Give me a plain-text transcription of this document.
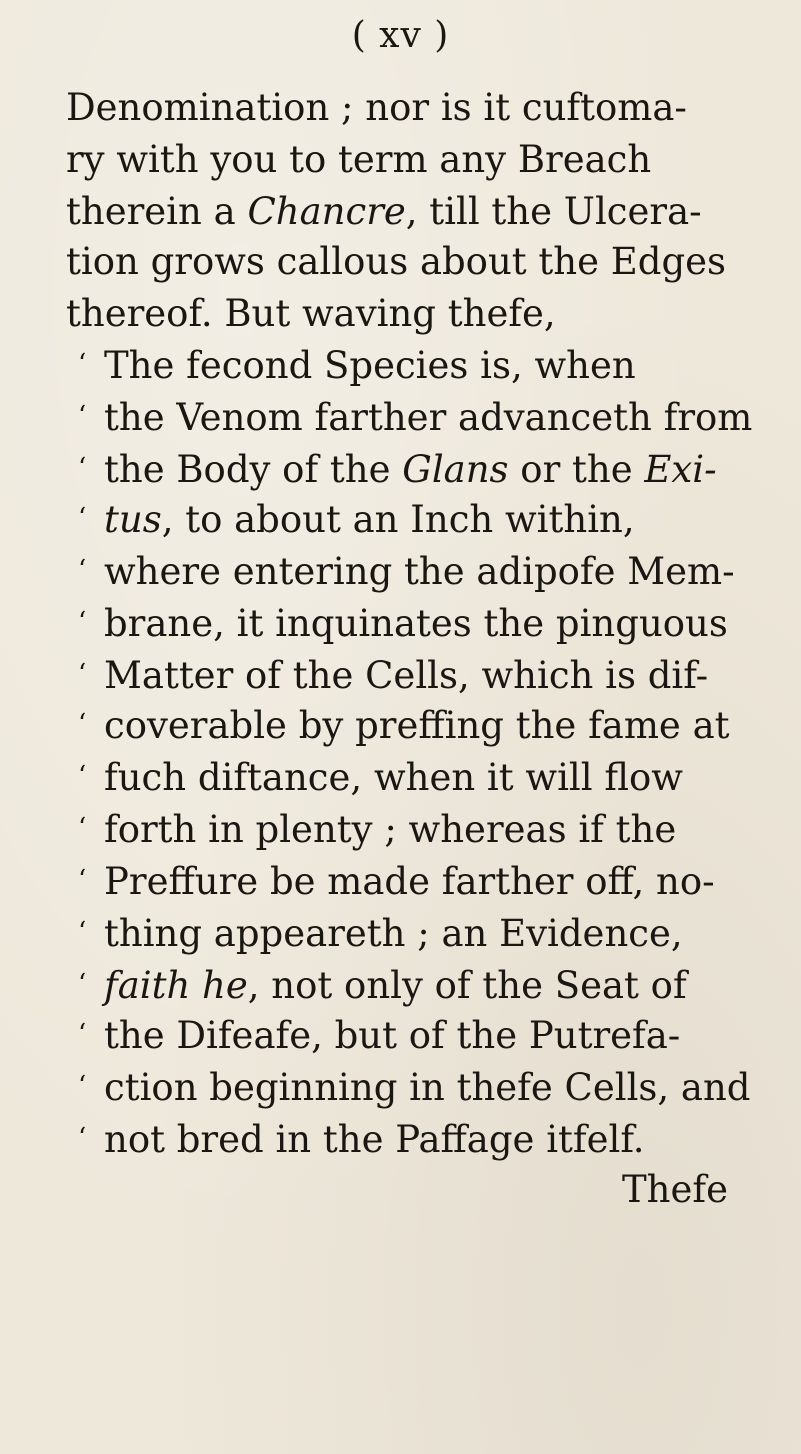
( xv )
Denomination ; nor is it cuftoma-
ry with you to term any Breach
therein a Chancre, till the Ulcera-
tion grows callous about the Edges
thereof. But waving thefe,
‘ The fecond Species is, when
‘ the Venom farther advanceth from
‘ the Body of the Glans or the Exi-
‘ tus, to about an Inch within,
‘ where entering the adipofe Mem-
‘ brane, it inquinates the pinguous
‘ Matter of the Cells, which is dif-
‘ coverable by preffing the fame at
‘ fuch diftance, when it will flow
‘ forth in plenty ; whereas if the
‘ Preffure be made farther off, no-
‘ thing appeareth ; an Evidence,
‘ faith he, not only of the Seat of
‘ the Difeafe, but of the Putrefa-
‘ ction beginning in thefe Cells, and
‘ not bred in the Paffage itfelf.
Thefe
